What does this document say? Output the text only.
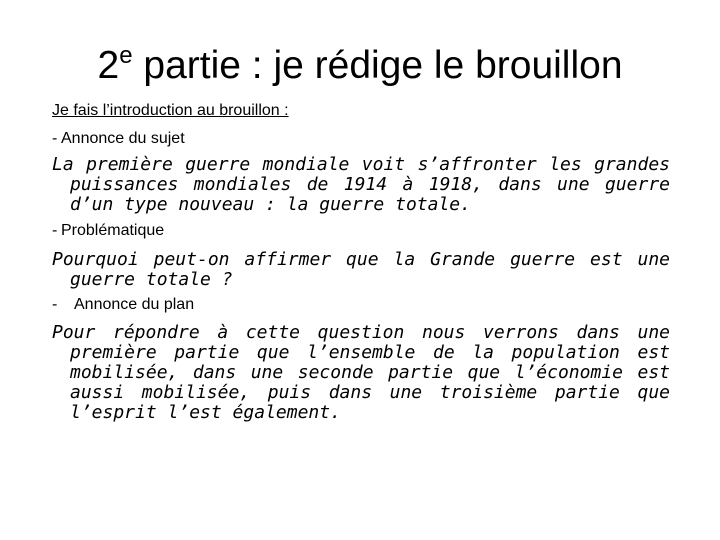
2e partie : je rédige le brouillon
Je fais l’introduction au brouillon :
- Annonce du sujet

La première guerre mondiale voit s’affronter les grandes puissances mondiales de 1914 à 1918, dans une guerre d’un type nouveau : la guerre totale.

- Problématique

Pourquoi peut-on affirmer que la Grande guerre est une guerre totale ?

- Annonce du plan

Pour répondre à cette question nous verrons dans une première partie que l’ensemble de la population est mobilisée, dans une seconde partie que l’économie est aussi mobilisée, puis dans une troisième partie que l’esprit l’est également.
